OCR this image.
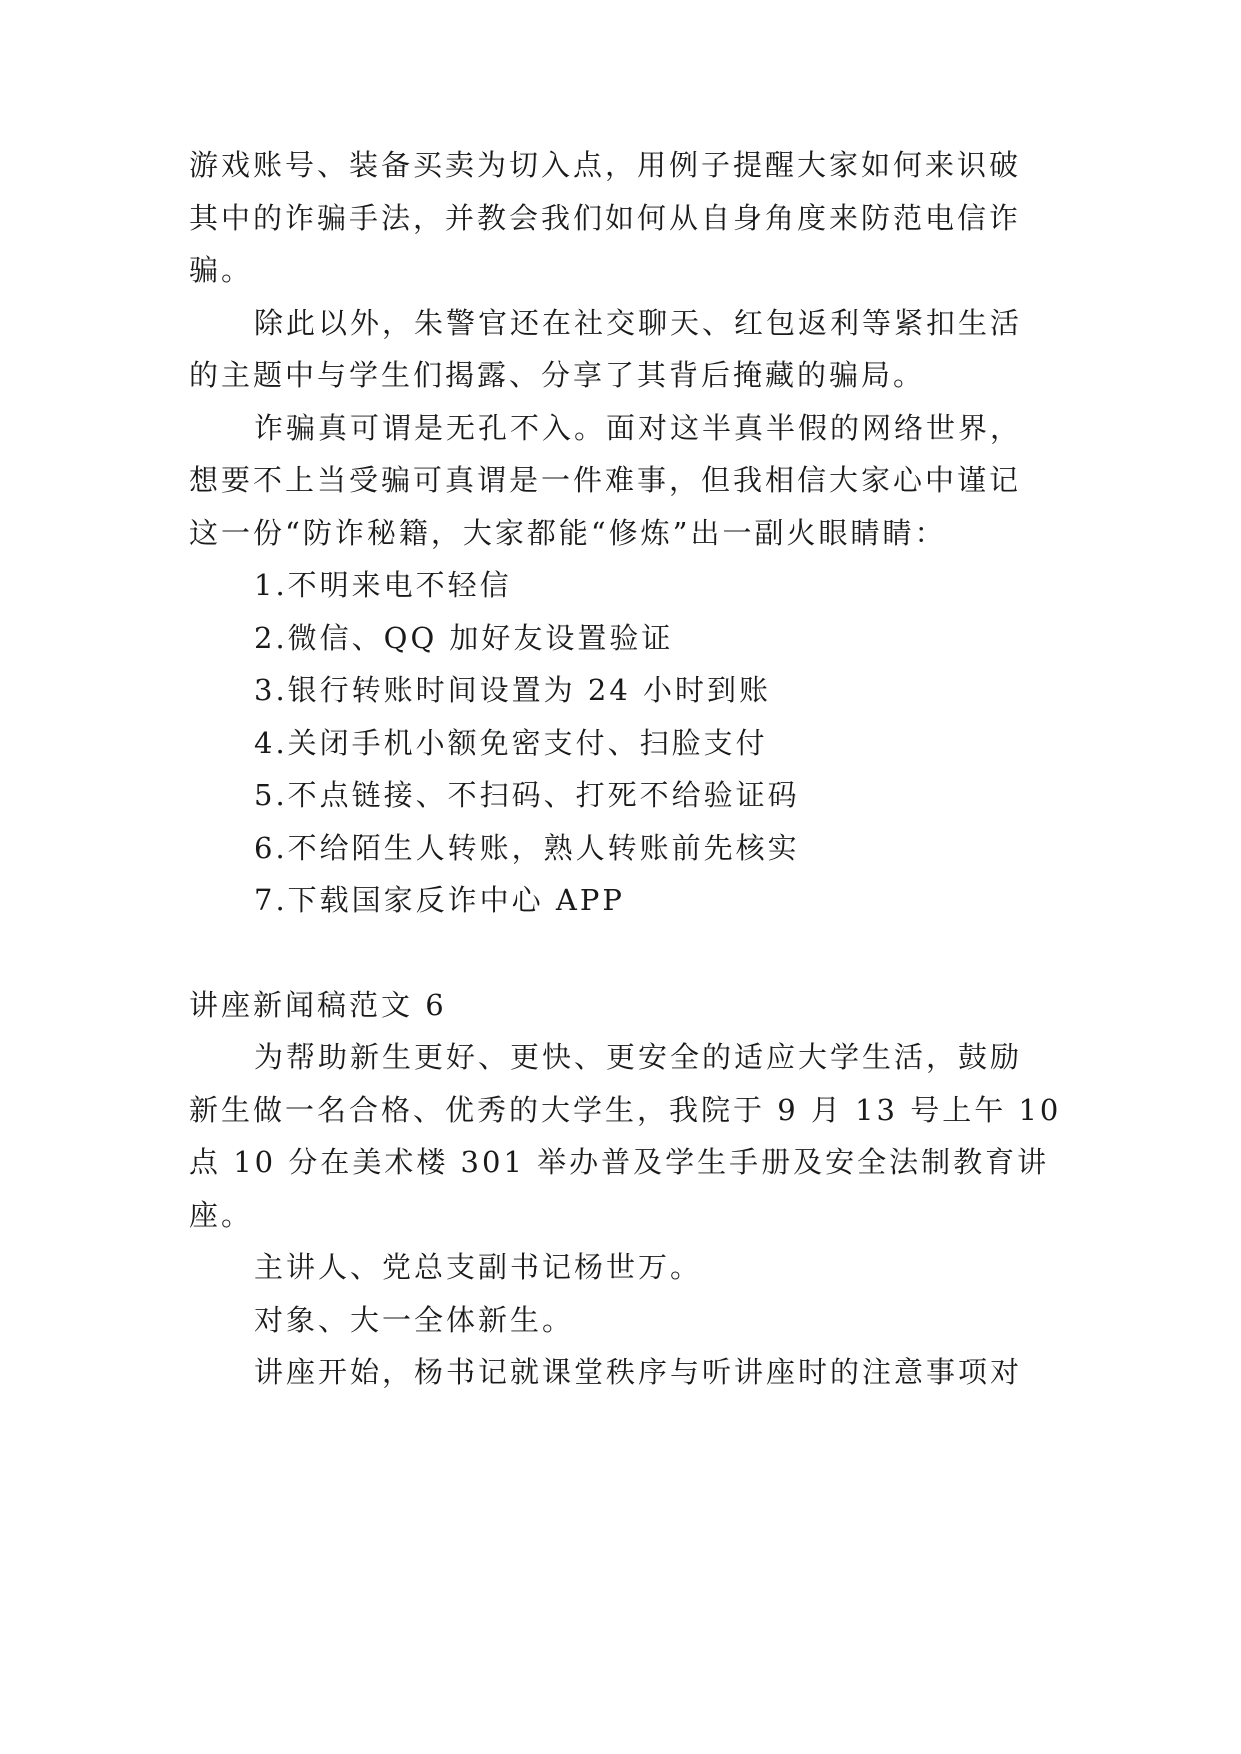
游戏账号、装备买卖为切入点，用例子提醒大家如何来识破
其中的诈骗手法，并教会我们如何从自身角度来防范电信诈
骗。
除此以外，朱警官还在社交聊天、红包返利等紧扣生活
的主题中与学生们揭露、分享了其背后掩藏的骗局。
诈骗真可谓是无孔不入。面对这半真半假的网络世界，
想要不上当受骗可真谓是一件难事，但我相信大家心中谨记
这一份“防诈秘籍，大家都能“修炼”出一副火眼睛睛：
1.不明来电不轻信
2.微信、QQ 加好友设置验证
3.银行转账时间设置为 24 小时到账
4.关闭手机小额免密支付、扫脸支付
5.不点链接、不扫码、打死不给验证码
6.不给陌生人转账，熟人转账前先核实
7.下载国家反诈中心 APP
讲座新闻稿范文 6
为帮助新生更好、更快、更安全的适应大学生活，鼓励
新生做一名合格、优秀的大学生，我院于 9 月 13 号上午 10
点 10 分在美术楼 301 举办普及学生手册及安全法制教育讲
座。
主讲人、党总支副书记杨世万。
对象、大一全体新生。
讲座开始，杨书记就课堂秩序与听讲座时的注意事项对
